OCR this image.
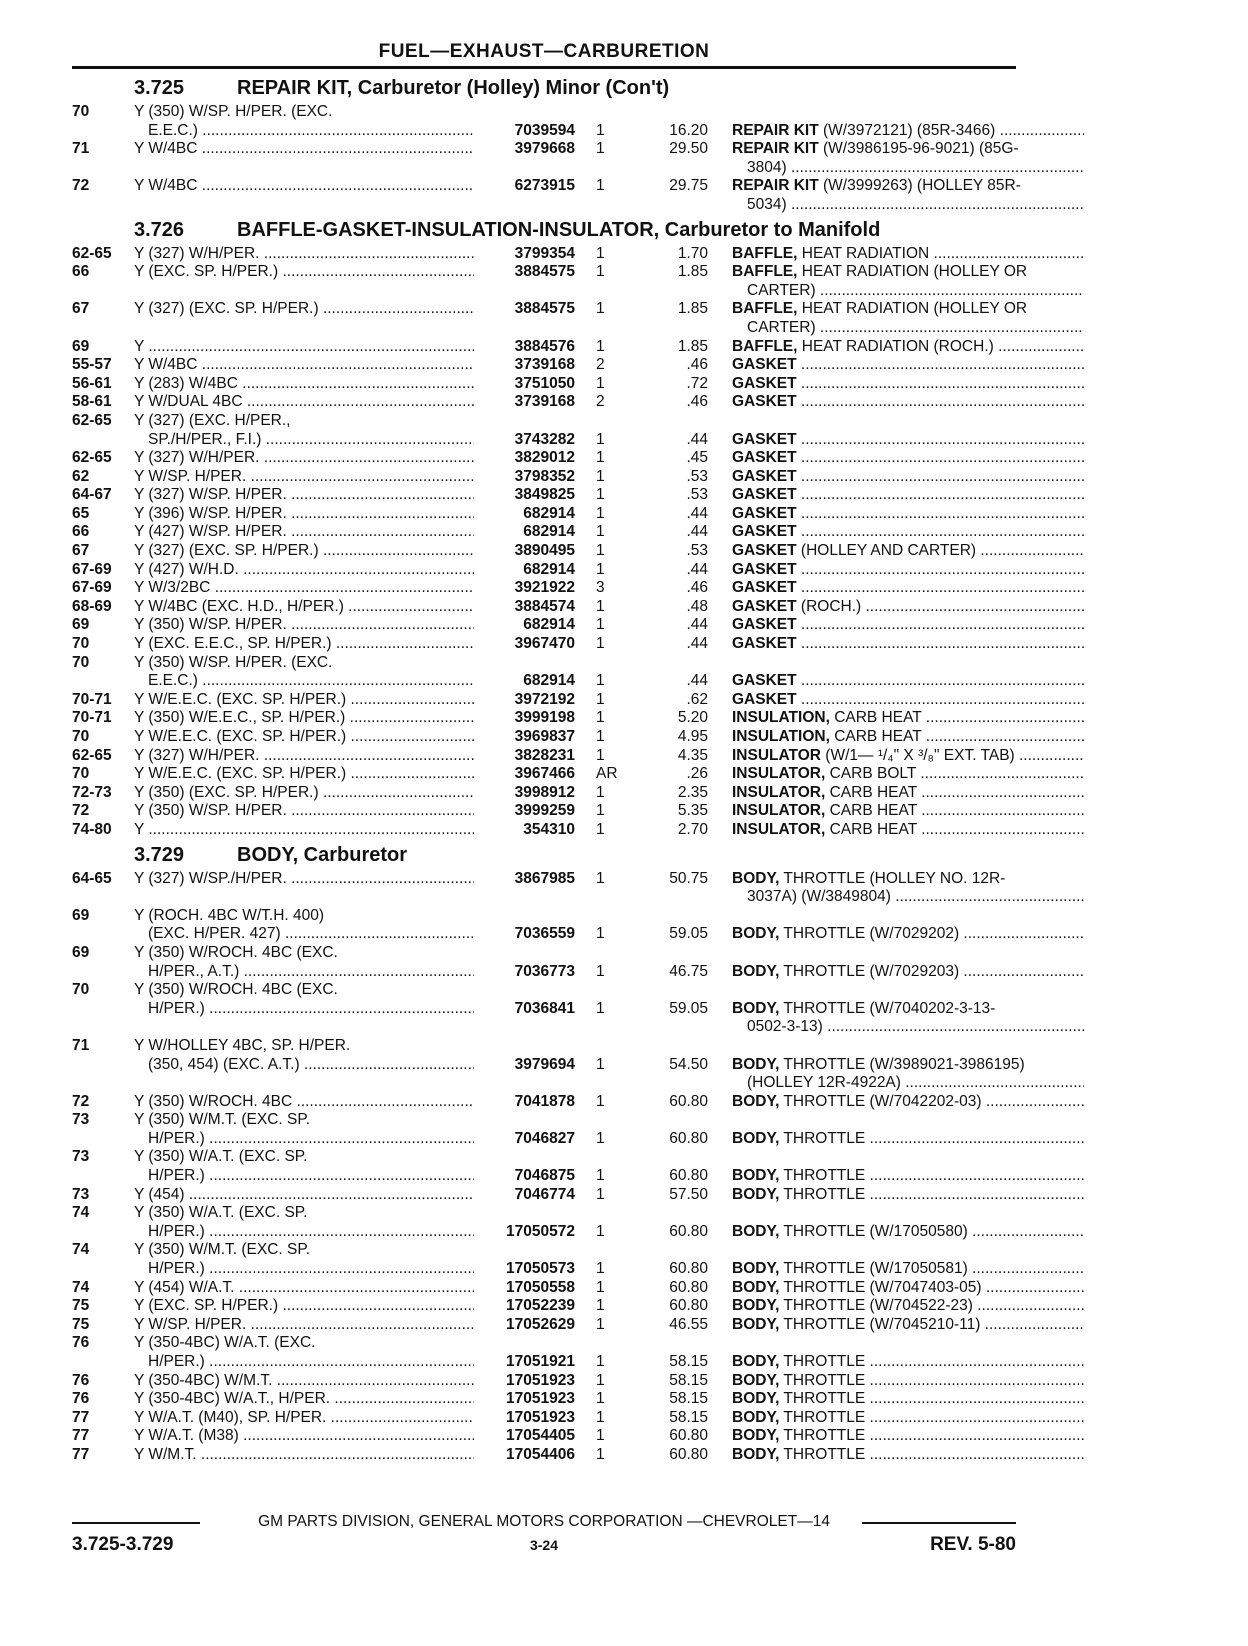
FUEL—EXHAUST—CARBURETION
3.725	REPAIR KIT, Carburetor (Holley) Minor (Con't)
70	Y (350) W/SP. H/PER. (EXC.
E.E.C.) .....	7039594 1	16.20 REPAIR KIT (W/3972121) (85R-3466) .....
71	Y W/4BC .....	3979668 1	29.50 REPAIR KIT (W/3986195-96-9021) (85G-
3804) .....
72	Y W/4BC .....	6273915 1	29.75 REPAIR KIT (W/3999263) (HOLLEY 85R-
5034) .....
3.726	BAFFLE-GASKET-INSULATION-INSULATOR, Carburetor to Manifold
62-65	Y (327) W/H/PER. .....	3799354 1	1.70 BAFFLE, HEAT RADIATION .....
66	Y (EXC. SP. H/PER.) .....	3884575 1	1.85 BAFFLE, HEAT RADIATION (HOLLEY OR
CARTER) .....
67	Y (327) (EXC. SP. H/PER.) .....	3884575 1	1.85 BAFFLE, HEAT RADIATION (HOLLEY OR
CARTER) .....
69	Y .....	3884576 1	1.85 BAFFLE, HEAT RADIATION (ROCH.) .....
55-57	Y W/4BC .....	3739168 2	.46 GASKET .....
56-61	Y (283) W/4BC .....	3751050 1	.72 GASKET .....
58-61	Y W/DUAL 4BC .....	3739168 2	.46 GASKET .....
62-65	Y (327) (EXC. H/PER.,
SP./H/PER., F.I.) .....	3743282 1	.44 GASKET .....
62-65	Y (327) W/H/PER. .....	3829012 1	.45 GASKET .....
62	Y W/SP. H/PER. .....	3798352 1	.53 GASKET .....
64-67	Y (327) W/SP. H/PER. .....	3849825 1	.53 GASKET .....
65	Y (396) W/SP. H/PER. .....	682914 1	.44 GASKET .....
66	Y (427) W/SP. H/PER. .....	682914 1	.44 GASKET .....
67	Y (327) (EXC. SP. H/PER.) .....	3890495 1	.53 GASKET (HOLLEY AND CARTER) .....
67-69	Y (427) W/H.D. .....	682914 1	.44 GASKET .....
67-69	Y W/3/2BC .....	3921922 3	.46 GASKET .....
68-69	Y W/4BC (EXC. H.D., H/PER.) .....	3884574 1	.48 GASKET (ROCH.) .....
69	Y (350) W/SP. H/PER. .....	682914 1	.44 GASKET .....
70	Y (EXC. E.E.C., SP. H/PER.) .....	3967470 1	.44 GASKET .....
70	Y (350) W/SP. H/PER. (EXC.
E.E.C.) .....	682914 1	.44 GASKET .....
70-71	Y W/E.E.C. (EXC. SP. H/PER.) .....	3972192 1	.62 GASKET .....
70-71	Y (350) W/E.E.C., SP. H/PER.) .....	3999198 1	5.20 INSULATION, CARB HEAT .....
70	Y W/E.E.C. (EXC. SP. H/PER.) .....	3969837 1	4.95 INSULATION, CARB HEAT .....
62-65	Y (327) W/H/PER. .....	3828231 1	4.35 INSULATOR (W/1— ¹/₄" X ³/₈" EXT. TAB) .....
70	Y W/E.E.C. (EXC. SP. H/PER.) .....	3967466 AR	.26 INSULATOR, CARB BOLT .....
72-73	Y (350) (EXC. SP. H/PER.) .....	3998912 1	2.35 INSULATOR, CARB HEAT .....
72	Y (350) W/SP. H/PER. .....	3999259 1	5.35 INSULATOR, CARB HEAT .....
74-80	Y .....	354310 1	2.70 INSULATOR, CARB HEAT .....
3.729	BODY, Carburetor
64-65	Y (327) W/SP./H/PER. .....	3867985 1	50.75 BODY, THROTTLE (HOLLEY NO. 12R-
3037A) (W/3849804) .....
69	Y (ROCH. 4BC W/T.H. 400)
(EXC. H/PER. 427) .....	7036559 1	59.05 BODY, THROTTLE (W/7029202) .....
69	Y (350) W/ROCH. 4BC (EXC.
H/PER., A.T.) .....	7036773 1	46.75 BODY, THROTTLE (W/7029203) .....
70	Y (350) W/ROCH. 4BC (EXC.
H/PER.) .....	7036841 1	59.05 BODY, THROTTLE (W/7040202-3-13-
0502-3-13) .....
71	Y W/HOLLEY 4BC, SP. H/PER.
(350, 454) (EXC. A.T.) .....	3979694 1	54.50 BODY, THROTTLE (W/3989021-3986195)
(HOLLEY 12R-4922A) .....
72	Y (350) W/ROCH. 4BC .....	7041878 1	60.80 BODY, THROTTLE (W/7042202-03) .....
73	Y (350) W/M.T. (EXC. SP.
H/PER.) .....	7046827 1	60.80 BODY, THROTTLE .....
73	Y (350) W/A.T. (EXC. SP.
H/PER.) .....	7046875 1	60.80 BODY, THROTTLE .....
73	Y (454) .....	7046774 1	57.50 BODY, THROTTLE .....
74	Y (350) W/A.T. (EXC. SP.
H/PER.) .....	17050572 1	60.80 BODY, THROTTLE (W/17050580) .....
74	Y (350) W/M.T. (EXC. SP.
H/PER.) .....	17050573 1	60.80 BODY, THROTTLE (W/17050581) .....
74	Y (454) W/A.T. .....	17050558 1	60.80 BODY, THROTTLE (W/7047403-05) .....
75	Y (EXC. SP. H/PER.) .....	17052239 1	60.80 BODY, THROTTLE (W/704522-23) .....
75	Y W/SP. H/PER. .....	17052629 1	46.55 BODY, THROTTLE (W/7045210-11) .....
76	Y (350-4BC) W/A.T. (EXC.
H/PER.) .....	17051921 1	58.15 BODY, THROTTLE .....
76	Y (350-4BC) W/M.T. .....	17051923 1	58.15 BODY, THROTTLE .....
76	Y (350-4BC) W/A.T., H/PER. .....	17051923 1	58.15 BODY, THROTTLE .....
77	Y W/A.T. (M40), SP. H/PER. .....	17051923 1	58.15 BODY, THROTTLE .....
77	Y W/A.T. (M38) .....	17054405 1	60.80 BODY, THROTTLE .....
77	Y W/M.T. .....	17054406 1	60.80 BODY, THROTTLE .....
GM PARTS DIVISION, GENERAL MOTORS CORPORATION —CHEVROLET—14
3.725-3.729	3-24	REV. 5-80
